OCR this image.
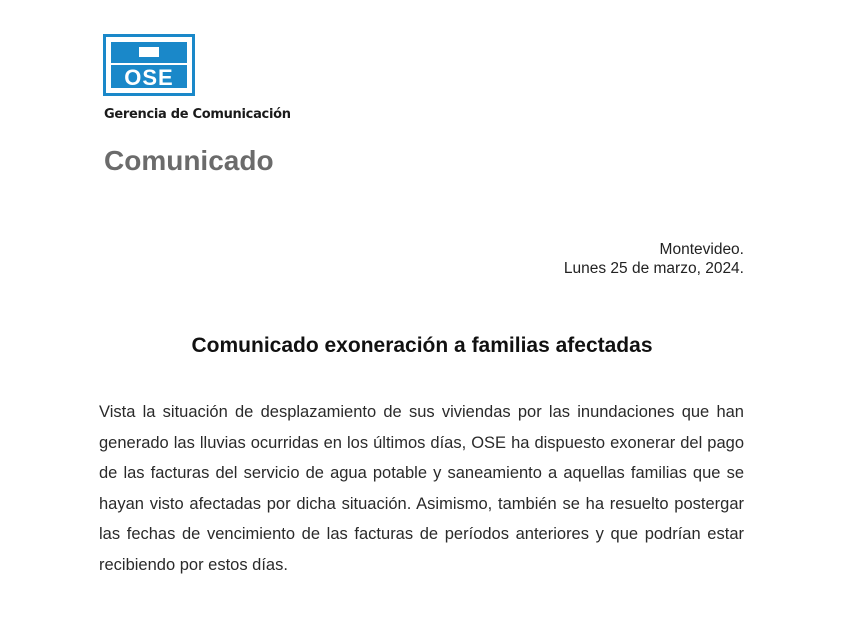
OSE
Gerencia de Comunicación
Comunicado
Montevideo.
Lunes 25 de marzo, 2024.
Comunicado exoneración a familias afectadas

Vista la situación de desplazamiento de sus viviendas por las inundaciones que han generado las lluvias ocurridas en los últimos días, OSE ha dispuesto exonerar del pago de las facturas del servicio de agua potable y saneamiento a aquellas familias que se hayan visto afectadas por dicha situación. Asimismo, también se ha resuelto postergar las fechas de vencimiento de las facturas de períodos anteriores y que podrían estar recibiendo por estos días.
